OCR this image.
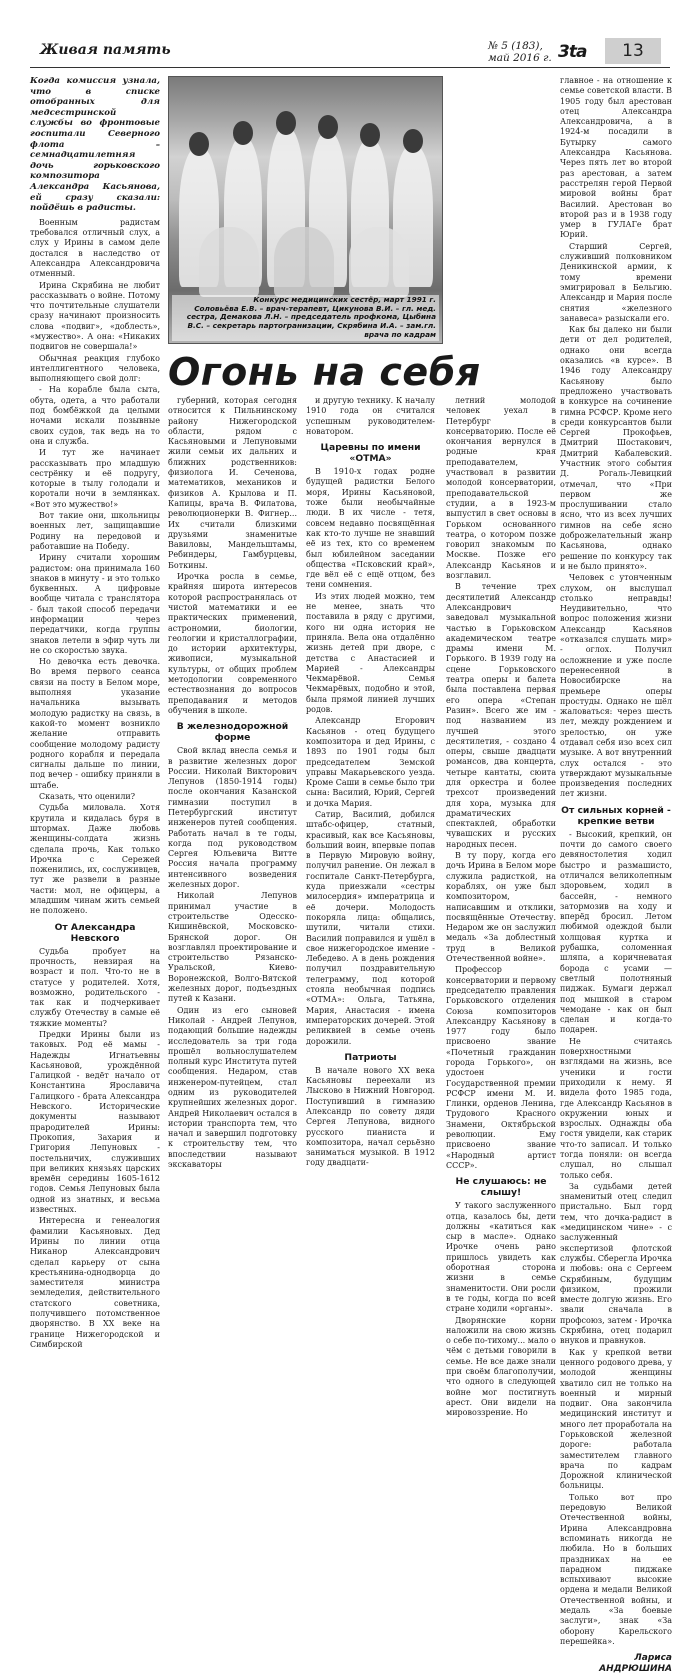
Живая память	№ 5 (183),
май 2016 г. 3ta	13
Когда комиссия узнала, что в списке отобранных для медсестринской службы во фронтовые госпитали Северного флота – семнадцатилетняя дочь горьковского композитора Александра Касьянова, ей сразу сказали: пойдёшь в радисты.

Военным радистам требовался отличный слух, а слух у Ирины в самом деле достался в наследство от Александра Александровича отменный.

Ирина Скрябина не любит рассказывать о войне. Потому что почтительные слушатели сразу начинают произносить слова «подвиг», «доблесть», «мужество». А она: «Никаких подвигов не совершала!»

Обычная реакция глубоко интеллигентного человека, выполняющего свой долг:

- На корабле была сыта, обута, одета, а что работали под бомбёжкой да целыми ночами искали позывные своих судов, так ведь на то она и служба.

И тут же начинает рассказывать про младшую сестрёнку и её подругу, которые в тылу голодали и коротали ночи в землянках. «Вот это мужество!»

Вот такие они, школьницы военных лет, защищавшие Родину на передовой и работавшие на Победу.

Ирину считали хорошим радистом: она принимала 160 знаков в минуту - и это только буквенных. А цифровые вообще читала с транслятора - был такой способ передачи информации через передатчики, когда группы знаков летели в эфир чуть ли не со скоростью звука.

Но девочка есть девочка. Во время первого сеанса связи на посту в Белом море, выполняя указание начальника вызывать молодую радистку на связь, в какой-то момент возникло желание отправить сообщение молодому радисту родного корабля и передала сигналы дальше по линии, под вечер - ошибку приняли в штабе.

Сказать, что оценили?

Судьба миловала. Хотя крутила и кидалась буря в штормах. Даже любовь женщины-солдата жизнь сделала прочь, Как только Ирочка с Сережей поженились, их, сослуживцев, тут же развели в разные части: мол, не офицеры, а младшим чинам жить семьей не положено.

От Александра Невского

Судьба пробует на прочность, невзирая на возраст и пол. Что-то не в статусе у родителей. Хотя, возможно, родительского - так как и подчеркивает службу Отечеству в самые её тяжкие моменты?

Предки Ирины были из таковых. Род её мамы - Надежды Игнатьевны Касьяновой, урождённой Галицкой - ведёт начало от Константина Ярославича Галицкого - брата Александра Невского. Исторические документы называют прародителей Ирины: Прокопия, Захария и Григория Лепуновых - постельничих, служивших при великих князьях царских времён середины 1605-1612 годов. Семья Лепуновых была одной из знатных, и весьма известных.

Интересна и генеалогия фамилии Касьяновых. Дед Ирины по линии отца Никанор Александрович сделал карьеру от сына крестьянина-однодворца до заместителя министра земледелия, действительного статского советника, получившего потомственное дворянство. В XX веке на границе Нижегородской и Симбирской

Конкурс медицинских сестёр, март 1991 г.
Соловьёва Е.В. – врач-терапевт, Цикунова В.И. – гл. мед. сестра, Демакова Л.Н. – председатель профкома, Цыбина В.С. – секретарь партогранизации, Скрябина И.А. – зам.гл. врача по кадрам
Огонь на себя

губерний, которая сегодня относится к Пильнинскому району Нижегородской области, рядом с Касьяновыми и Лепуновыми жили семьи их дальних и ближних родственников: физиолога И. Сеченова, математиков, механиков и физиков А. Крылова и П. Капицы, врача В. Филатова, революционерки В. Фигнер... Их считали близкими друзьями знаменитые Вавиловы, Мандельштамы, Ребиндеры, Гамбурцевы, Боткины.

Ирочка росла в семье, крайняя широта интересов которой распространялась от чистой математики и ее практических применений, астрономии, биологии, геологии и кристаллографии, до истории архитектуры, живописи, музыкальной культуры, от общих проблем методологии современного естествознания до вопросов преподавания и методов обучения в школе.

В железнодорожной форме

Свой вклад внесла семья и в развитие железных дорог России. Николай Викторович Лепунов (1850-1914 годы) после окончания Казанской гимназии поступил в Петербургский институт инженеров путей сообщения. Работать начал в те годы, когда под руководством Сергея Юльевича Витте Россия начала программу интенсивного возведения железных дорог.

Николай Лепунов принимал участие в строительстве Одесско-Кишинёвской, Московско-Брянской дорог. Он возглавлял проектирование и строительство Рязанско-Уральской, Киево-Воронежской, Волго-Вятской железных дорог, подъездных путей к Казани.

Один из его сыновей Николай - Андрей Лепунов, подающий большие надежды исследователь за три года прошёл вольнослушателем полный курс Института путей сообщения. Недаром, став инженером-путейцем, стал одним из руководителей крупнейших железных дорог. Андрей Николаевич остался в истории транспорта тем, что начал и завершил подготовку к строительству тем, что впоследствии называют экскаваторы

и другую технику. К началу 1910 года он считался успешным руководителем-новатором.

Царевны по имени «ОТМА»

В 1910-х годах родне будущей радистки Белого моря, Ирины Касьяновой, тоже были необычайные люди. В их числе - тетя, совсем недавно посвящённая как кто-то лучше не знавший её из тех, кто со временем был юбилейном заседании общества «Псковский край», где вёл её с ещё отцом, без тени сомнения.

Из этих людей можно, тем не менее, знать что поставила в ряду с другими, кого ни одна история не приняла. Вела она отдалённо жизнь детей при дворе, с детства с Анастасией и Марией - Александры Чекмарёвой. Семья Чекмарёвых, подобно и этой, была прямой линией лучших родов.

Александр Егорович Касьянов - отец будущего композитора и дед Ирины, с 1893 по 1901 годы был председателем Земской управы Макарьевского уезда. Кроме Саши в семье было три сына: Василий, Юрий, Сергей и дочка Мария.

Сатир, Василий, добился штабс-офицер, статный, красивый, как все Касьяновы, больший воин, впервые попав в Первую Мировую войну, получил ранение. Он лежал в госпитале Санкт-Петербурга, куда приезжали «сестры милосердия» императрица и её дочери. Молодость покоряла лица: общались, шутили, читали стихи. Василий поправился и ушёл в свое нижегородское имение - Лебедево. А в день рождения получил поздравительную телеграмму, под которой стояла необычная подпись «ОТМА»: Ольга, Татьяна, Мария, Анастасия - имена императорских дочерей. Этой реликвией в семье очень дорожили.

Патриоты

В начале нового XX века Касьяновы переехали из Лысково в Нижний Новгород. Поступивший в гимназию Александр по совету дяди Сергея Лепунова, видного русского пианиста и композитора, начал серьёзно заниматься музыкой. В 1912 году двадцати-

летний молодой человек уехал в Петербург в консерваторию. После её окончания вернулся в родные края преподавателем, участвовал в развитии молодой консерватории, преподавательской студии, а в 1923-м выпустил в свет основы в Горьком основанного театра, о котором позже говорил знакомым по Москве. Позже его Александр Касьянов и возглавил.

В течение трех десятилетий Александр Александрович заведовал музыкальной частью в Горьковском академическом театре драмы имени М. Горького. В 1939 году на сцене Горьковского театра оперы и балета была поставлена первая его опера «Степан Разин». Всего же им - под названием из лучшей этого десятилетия, - создано 4 оперы, свыше двадцати романсов, два концерта, четыре кантаты, сюита для оркестра и более трехсот произведений для хора, музыка для драматических спектаклей, обработки чувашских и русских народных песен.

В ту пору, когда его дочь Ирина в Белом море служила радисткой, на кораблях, он уже был композитором, написавшим и отклики, посвящённые Отечеству. Недаром же он заслужил медаль «За доблестный труд в Великой Отечественной войне».

Профессор консерватории и первому председателю правления Горьковского отделения Союза композиторов Александру Касьянову в 1977 году было присвоено звание «Почетный гражданин города Горького», он удостоен Государственной премии РСФСР имени М. И. Глинки, орденов Ленина, Трудового Красного Знамени, Октябрьской революции. Ему присвоено звание «Народный артист СССР».

Не слушаюсь: не слышу!

У такого заслуженного отца, казалось бы, дети должны «катиться как сыр в масле». Однако Ирочке очень рано пришлось увидеть как оборотная сторона жизни в семье знаменитости. Они росли в те годы, когда по всей стране ходили «органы».

Дворянские корни наложили на свою жизнь о себе по-тихому... мало о чём с детьми говорили в семье. Не все даже знали при своём благополучии, что одного в следующей войне мог постигнуть арест. Они видели на мировоззрение. Но

главное - на отношение к семье советской власти. В 1905 году был арестован отец Александра Александровича, а в 1924-м посадили в Бутырку самого Александра Касьянова. Через пять лет во второй раз арестован, а затем расстрелян герой Первой мировой войны брат Василий. Арестован во второй раз и в 1938 году умер в ГУЛАГе брат Юрий.

Старший Сергей, служивший полковником Деникинской армии, к тому времени эмигрировал в Бельгию. Александр и Мария после снятия «железного занавеса» разыскали его.

Как бы далеко ни были дети от дел родителей, однако они всегда оказались «в курсе». В 1946 году Александру Касьянову было предложено участвовать в конкурсе на сочинение гимна РСФСР. Кроме него среди конкурсантов были Сергей Прокофьев, Дмитрий Шостакович, Дмитрий Кабалевский. Участник этого события Д. Рогаль-Левицкий отмечал, что «При первом же прослушивании стало ясно, что из всех лучших гимнов на себе ясно доброжелательный жанр Касьянова, однако решение по конкурсу так и не было принято».

Человек с утонченным слухом, он выслушал столько неправды! Неудивительно, что вопрос положения жизни Александр Касьянов «отказался слушать мир» - оглох. Получил осложнение и уже после перенесенной в Новосибирске на премьере оперы простуды. Однако не шёл жаловаться: через шесть лет, между рождением и зрелостью, он уже отдавал себя изо всех сил музыке. А вот внутренний слух остался - это утверждают музыкальные произведения последних лет жизни.

От сильных корней - крепкие ветви

- Высокий, крепкий, он почти до самого своего девяностолетия ходил быстро и размашисто, отличался великолепным здоровьем, ходил в бассейн, - немного затормозив на ходу и вперёд бросил. Летом любимой одеждой были холщовая куртка и рубашка, соломенная шляпа, а коричневатая борода с усами — светлый полотняный пиджак. Бумаги держал под мышкой в старом чемодане - как он был сделан и когда-то подарен.

Не считаясь поверхностными взглядами на жизнь, все ученики и гости приходили к нему. Я видела фото 1985 года, где Александр Касьянов в окружении юных и взрослых. Однажды оба гостя увидели, как старик что-то записал. И только тогда поняли: он всегда слушал, но слышал только себя.

За судьбами детей знаменитый отец следил пристально. Был горд тем, что дочка-радист в «медицинском чине» - с заслуженный экспертизой флотской службы. Сберегла Ирочка и любовь: она с Сергеем Скрябиным, будущим физиком, прожили вместе долгую жизнь. Его звали сначала в профсоюз, затем - Ирочка Скрябина, отец подарил внуков и правнуков.

Как у крепкой ветви ценного родового древа, у молодой женщины хватило сил не только на военный и мирный подвиг. Она закончила медицинский институт и много лет проработала на Горьковской железной дороге: работала заместителем главного врача по кадрам Дорожной клинической больницы.

Только вот про передовую Великой Отечественной войны, Ирина Александровна вспоминать никогда не любила. Но в больших праздниках на ее парадном пиджаке вспыхивают высокие ордена и медали Великой Отечественной войны, и медаль «За боевые заслуги», знак «За оборону Карельского перешейка».

Лариса АНДРЮШИНА
